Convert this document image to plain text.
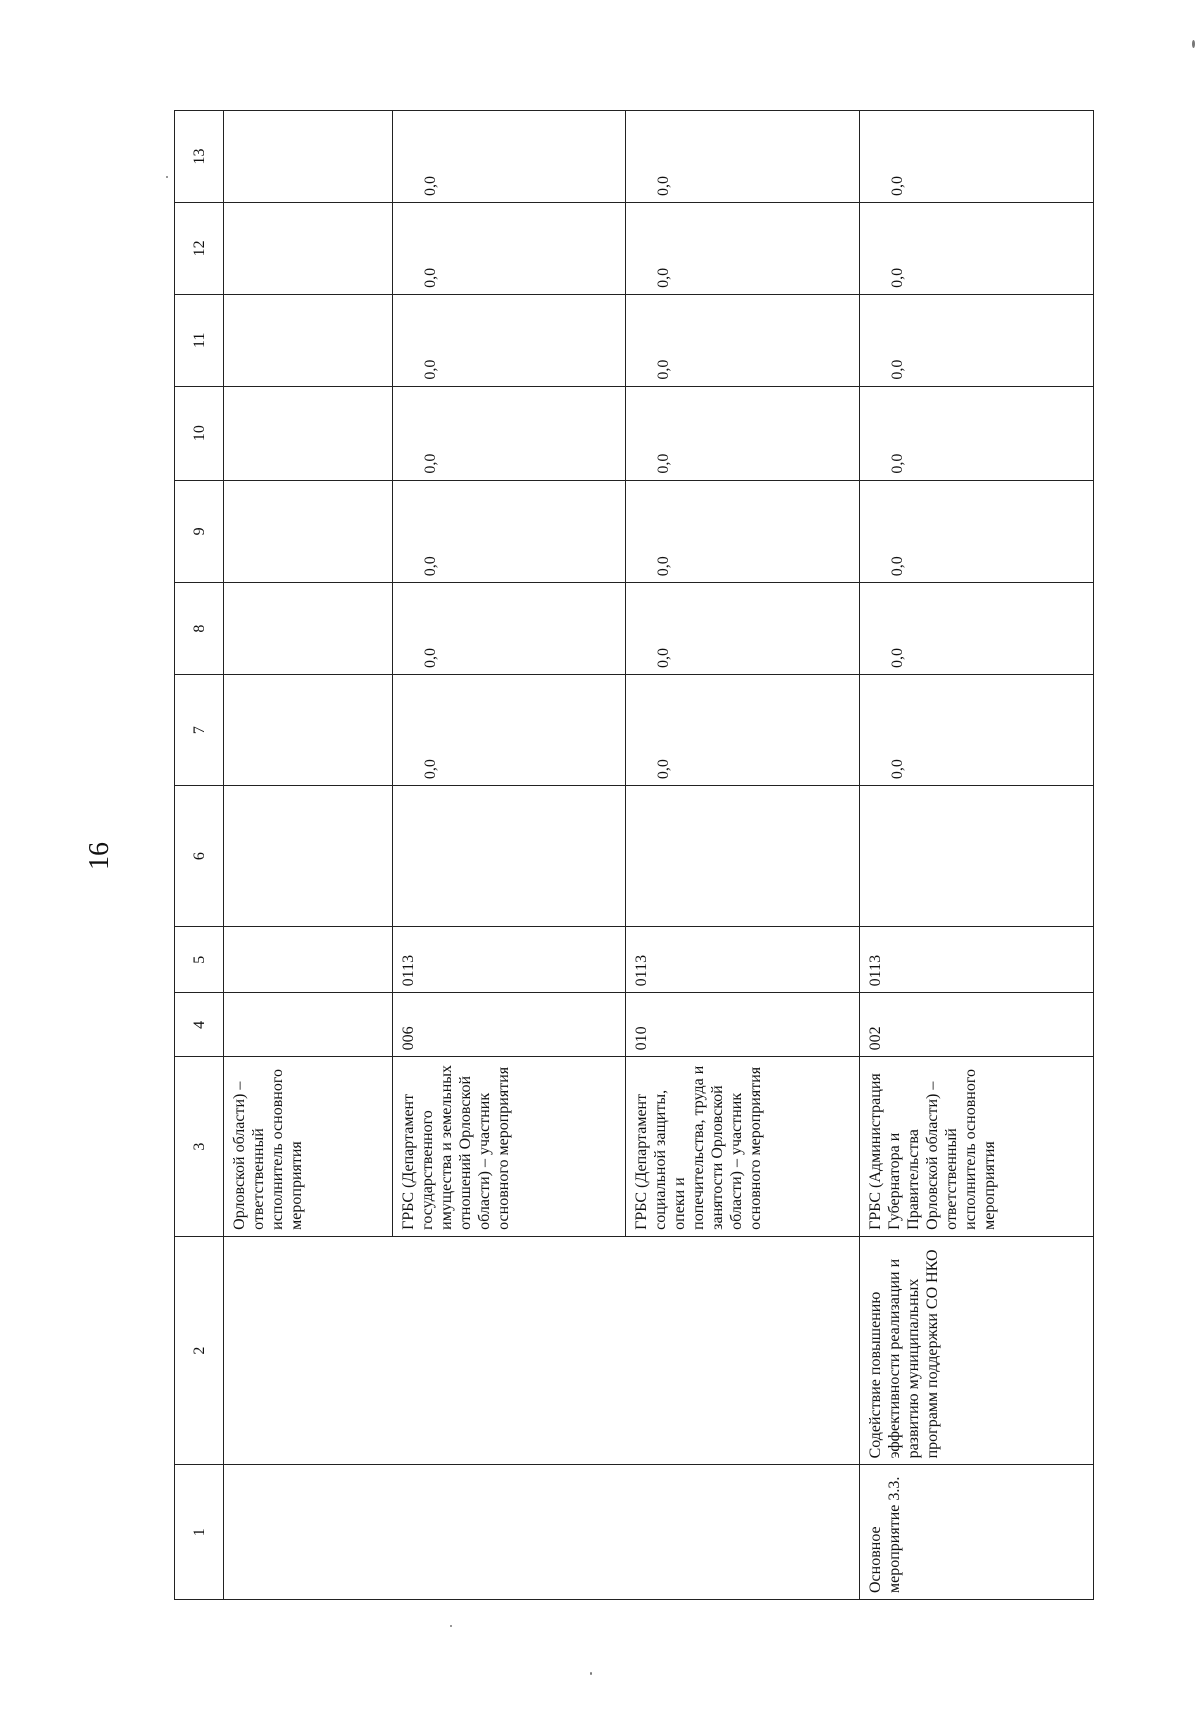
16
1	2	3	4	5	6	7	8	9	10	11	12	13
		Орловской области) – ответственный исполнитель основного мероприятия										
		ГРБС (Департамент государственного имущества и земельных отношений Орловской области) – участник основного мероприятия	006	0113		0,0	0,0	0,0	0,0	0,0	0,0	0,0

		ГРБС (Департамент социальной защиты, опеки и попечительства, труда и занятости Орловской области) – участник основного мероприятия	010	0113		0,0	0,0	0,0	0,0	0,0	0,0	0,0

Основное мероприятие 3.3.	Содействие повышению эффективности реализации и развитию муниципальных программ поддержки СО НКО	ГРБС (Администрация Губернатора и Правительства Орловской области) – ответственный исполнитель основного мероприятия	002	0113		0,0	0,0	0,0	0,0	0,0	0,0	0,0
